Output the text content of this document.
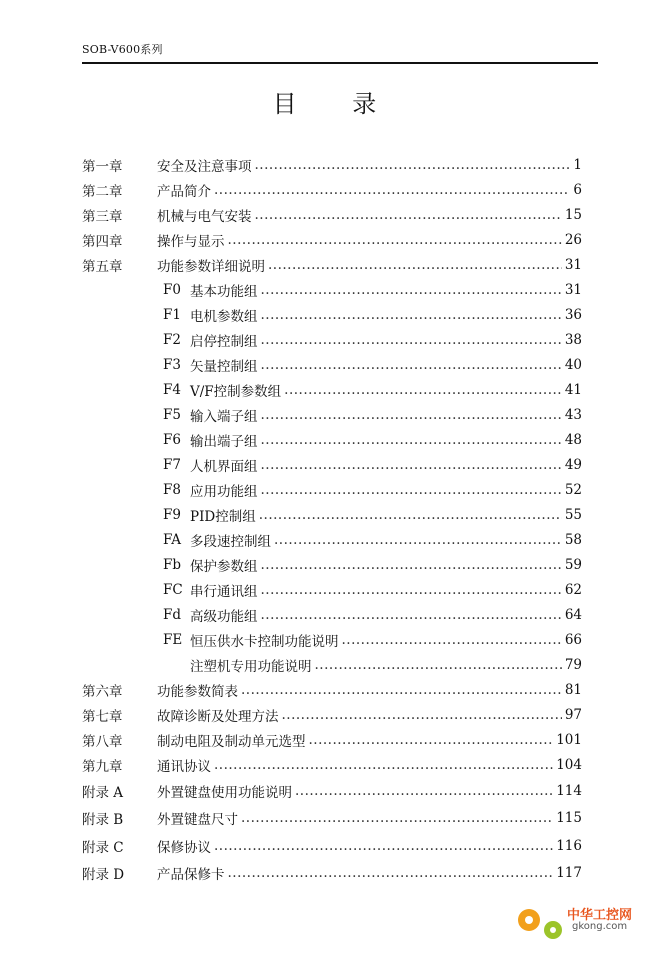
SOB-V600系列
目 录
第一章	安全及注意事项 .....	1
第二章	产品简介 .....	6
第三章	机械与电气安装 .....	15
第四章	操作与显示 .....	26
第五章	功能参数详细说明 .....	31
F0 基本功能组 .....	31
F1 电机参数组 .....	36
F2 启停控制组 .....	38
F3 矢量控制组 .....	40
F4 V/F控制参数组 .....	41
F5 输入端子组 .....	43
F6 输出端子组 .....	48
F7 人机界面组 .....	49
F8 应用功能组 .....	52
F9 PID控制组 .....	55
FA 多段速控制组 .....	58
Fb 保护参数组 .....	59
FC 串行通讯组 .....	62
Fd 高级功能组 .....	64
FE 恒压供水卡控制功能说明 .....	66
注塑机专用功能说明 .....	79
第六章	功能参数简表 .....	81
第七章	故障诊断及处理方法 .....	97
第八章	制动电阻及制动单元选型 .....	101
第九章	通讯协议 .....	104
附录 A	外置键盘使用功能说明 .....	114
附录 B	外置键盘尺寸 .....	115
附录 C	保修协议 .....	116
附录 D	产品保修卡 .....	117
中华工控网
gkong.com
